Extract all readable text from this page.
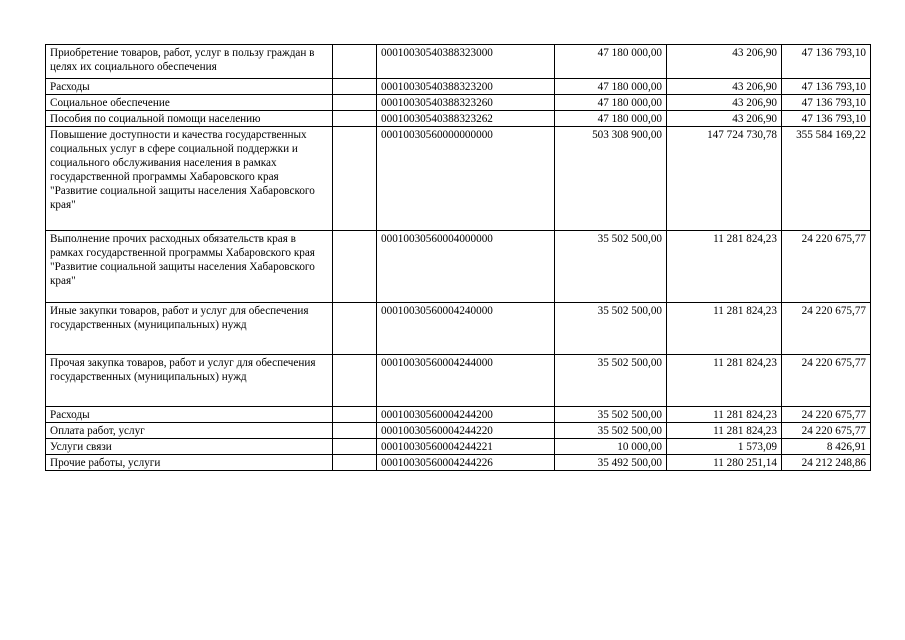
Приобретение товаров, работ, услуг в пользу граждан в целях их социального обеспечения		00010030540388323000	47 180 000,00	43 206,90	47 136 793,10
Расходы		00010030540388323200	47 180 000,00	43 206,90	47 136 793,10
Социальное обеспечение		00010030540388323260	47 180 000,00	43 206,90	47 136 793,10
Пособия по социальной помощи населению		00010030540388323262	47 180 000,00	43 206,90	47 136 793,10
Повышение доступности и качества государственных социальных услуг в сфере социальной поддержки и социального обслуживания населения в рамках государственной программы Хабаровского края "Развитие социальной защиты населения Хабаровского края"		00010030560000000000	503 308 900,00	147 724 730,78	355 584 169,22
Выполнение прочих расходных обязательств края в рамках государственной программы Хабаровского края "Развитие социальной защиты населения Хабаровского края"		00010030560004000000	35 502 500,00	11 281 824,23	24 220 675,77
Иные закупки товаров, работ и услуг для обеспечения государственных (муниципальных) нужд		00010030560004240000	35 502 500,00	11 281 824,23	24 220 675,77
Прочая закупка товаров, работ и услуг для обеспечения государственных (муниципальных) нужд		00010030560004244000	35 502 500,00	11 281 824,23	24 220 675,77
Расходы		00010030560004244200	35 502 500,00	11 281 824,23	24 220 675,77
Оплата работ, услуг		00010030560004244220	35 502 500,00	11 281 824,23	24 220 675,77
Услуги связи		00010030560004244221	10 000,00	1 573,09	8 426,91
Прочие работы, услуги		00010030560004244226	35 492 500,00	11 280 251,14	24 212 248,86
